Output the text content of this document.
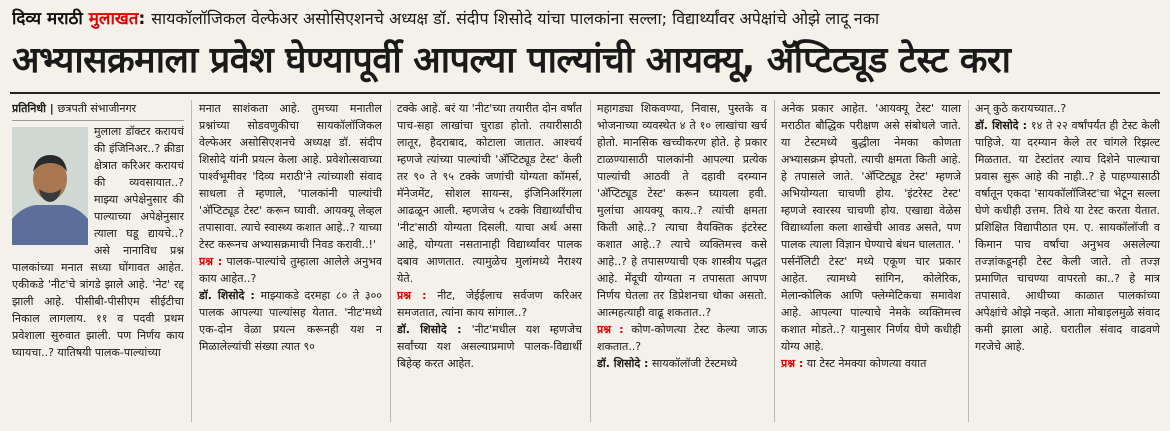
दिव्य मराठी मुलाखत: सायकॉलॉजिकल वेल्फेअर असोसिएशनचे अध्यक्ष डॉ. संदीप शिसोदे यांचा पालकांना सल्ला; विद्यार्थ्यांवर अपेक्षांचे ओझे लादू नका
अभ्यासक्रमाला प्रवेश घेण्यापूर्वी आपल्या पाल्यांची आयक्यू, अ‍ॅप्टिट्यूड टेस्ट करा
प्रतिनिधी | छत्रपती संभाजीनगर

मुलाला डॉक्टर करायचं की इंजिनिअर..? क्रीडा क्षेत्रात करिअर करायचं की व्यवसायात..? माझ्या अपेक्षेनुसार की पाल्याच्या अपेक्षेनुसार त्याला घडू द्यायचे..? असे नानाविध प्रश्न पालकांच्या मनात सध्या घोंगावत आहेत. एकीकडे 'नीट'चे त्रांगडे झाले आहे. 'नेट' रद्द झाली आहे. पीसीबी-पीसीएम सीईटीचा निकाल लागलाय. ११ व पदवी प्रथम प्रवेशाला सुरुवात झाली. पण निर्णय काय घ्यायचा..? यातिषयी पालक-पाल्यांच्या

मनात साशंकता आहे. तुमच्या मनातील प्रश्नांच्या सोडवणुकीचा सायकॉलॉजिकल वेल्फेअर असोसिएशनचे अध्यक्ष डॉ. संदीप शिसोदे यांनी प्रयत्न केला आहे. प्रवेशोत्सवाच्या पार्श्वभूमीवर 'दिव्य मराठी'ने त्यांच्याशी संवाद साधला ते म्हणाले, 'पालकांनी पाल्यांची 'अ‍ॅप्टिट्यूड टेस्ट' करून घ्यावी. आयक्यू लेव्हल तपासावा. त्याचे स्वास्थ्य कशात आहे..? याच्या टेस्ट करूनच अभ्यासक्रमाची निवड करावी..!'

प्रश्न : पालक-पाल्यांचे तुम्हाला आलेले अनुभव काय आहेत..?

डॉ. शिसोदे : माझ्याकडे दरमहा ८० ते ३०० पालक आपल्या पाल्यांसह येतात. 'नीट'मध्ये एक-दोन वेळा प्रयत्न करूनही यश न मिळालेल्यांची संख्या त्यात ९०

टक्के आहे. बरं या 'नीट'च्या तयारीत दोन वर्षांत पाच-सहा लाखांचा चुराडा होतो. तयारीसाठी लातूर, हैदराबाद, कोटाला जातात. आश्चर्य म्हणजे त्यांच्या पाल्यांची 'अ‍ॅप्टिट्यूड टेस्ट' केली तर ९० ते ९५ टक्के जणांची योग्यता कॉमर्स, मॅनेजमेंट, सोशल सायन्स, इंजिनिअरिंगला आढळून आली. म्हणजेच ५ टक्के विद्यार्थ्यांचीच 'नीट'साठी योग्यता दिसली. याचा अर्थ असा आहे, योग्यता नसतानाही विद्यार्थ्यांवर पालक दबाव आणतात. त्यामुळेच मुलांमध्ये नैराश्य येते.

प्रश्न : नीट, जेईईलाच सर्वजण करिअर समजतात, त्यांना काय सांगाल..?

डॉ. शिसोदे : 'नीट'मधील यश म्हणजेच सर्वांच्या यश असल्याप्रमाणे पालक-विद्यार्थी बिहेव्ह करत आहेत.

महागड्या शिकवण्या, निवास, पुस्तके व भोजनाच्या व्यवस्थेत ४ ते १० लाखांचा खर्च होतो. मानसिक खच्चीकरण होते. हे प्रकार टाळण्यासाठी पालकांनी आपल्या प्रत्येक पाल्यांची आठवी ते दहावी दरम्यान 'अ‍ॅप्टिट्यूड टेस्ट' करून घ्यायला हवी. मुलांचा आयक्यू काय..? त्यांची क्षमता किती आहे..? त्याचा वैयक्तिक इंटरेस्ट कशात आहे..? त्याचे व्यक्तिमत्त्व कसे आहे..? हे तपासण्याची एक शास्त्रीय पद्धत आहे. मेंदूची योग्यता न तपासता आपण निर्णय घेतला तर डिप्रेशनचा धोका असतो. आत्महत्याही वाढू शकतात..?

प्रश्न : कोण-कोणत्या टेस्ट केल्या जाऊ शकतात..?

डॉ. शिसोदे : सायकॉलॉजी टेस्टमध्ये

अनेक प्रकार आहेत. 'आयक्यू टेस्ट' याला मराठीत बौद्धिक परीक्षण असे संबोधले जाते. या टेस्टमध्ये बुद्धीला नेमका कोणता अभ्यासक्रम झेपतो. त्याची क्षमता किती आहे. हे तपासले जाते. 'अ‍ॅप्टिट्यूड टेस्ट' म्हणजे अभियोग्यता चाचणी होय. 'इंटरेस्ट टेस्ट' म्हणजे स्वारस्य चाचणी होय. एखाद्या वेळेस विद्यार्थ्याला कला शाखेची आवड असते, पण पालक त्याला विज्ञान घेण्याचे बंधन घालतात. ' पर्सनॅलिटी टेस्ट' मध्ये एकूण चार प्रकार आहेत. त्यामध्ये सांगिन, कोलेरिक, मेलान्कोलिक आणि फ्लेग्मेटिकचा समावेश आहे. आपल्या पाल्याचे नेमके व्यक्तिमत्त्व कशात मोडते..? यानुसार निर्णय घेणे कधीही योग्य आहे.

प्रश्न : या टेस्ट नेमक्या कोणत्या वयात

अन् कुठे करायच्यात..?

डॉ. शिसोदे : १४ ते २२ वर्षांपर्यंत ही टेस्ट केली पाहिजे. या दरम्यान केले तर चांगले रिझल्ट मिळतात. या टेस्टांतर त्याच दिशेने पाल्याचा प्रवास सुरू आहे की नाही..? हे पाहण्यासाठी वर्षातून एकदा 'सायकॉलॉजिस्ट'चा भेटून सल्ला घेणे कधीही उत्तम. तिथे या टेस्ट करता येतात. प्रशिक्षित विद्यापीठात एम. ए. सायकॉलॉजी व किमान पाच वर्षांचा अनुभव असलेल्या तज्ज्ञांकडूनही टेस्ट केली जाते. तो तज्ज्ञ प्रमाणित चाचण्या वापरतो का..? हे मात्र तपासावे. आधीच्या काळात पालकांच्या अपेक्षांचे ओझे नव्हते. आता मोबाइलमुळे संवाद कमी झाला आहे. घरातील संवाद वाढवणे गरजेचे आहे.
